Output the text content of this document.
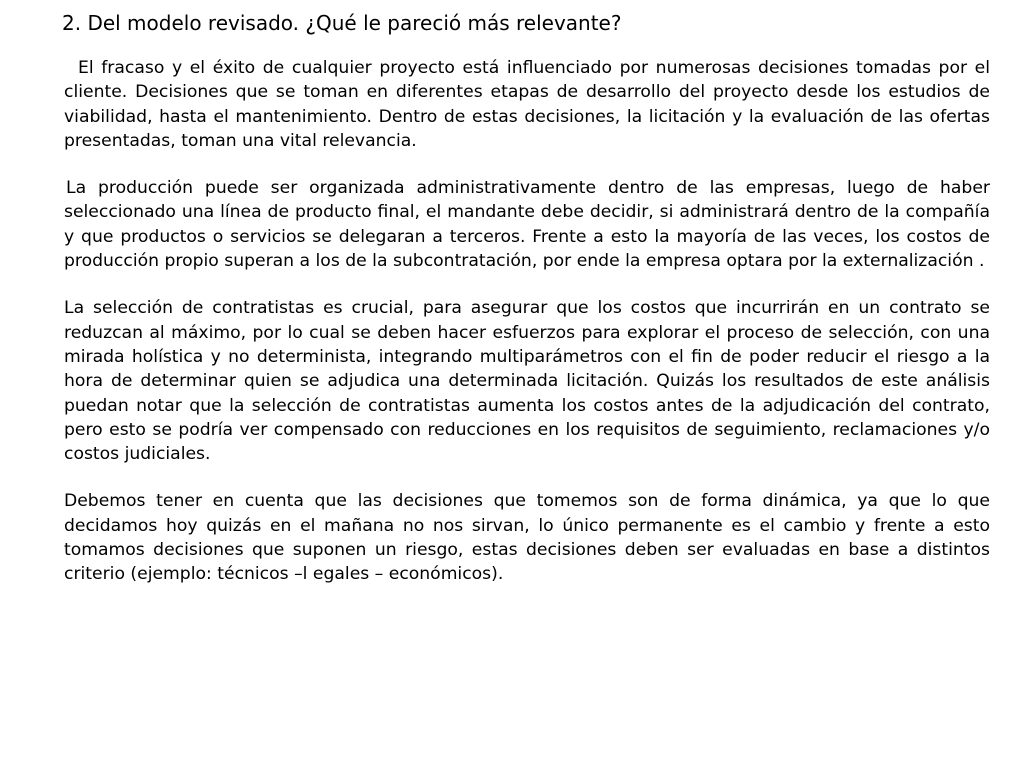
2. Del modelo revisado. ¿Qué le pareció más relevante?

El fracaso y el éxito de cualquier proyecto está influenciado por numerosas decisiones tomadas por el cliente. Decisiones que se toman en diferentes etapas de desarrollo del proyecto desde los estudios de viabilidad, hasta el mantenimiento. Dentro de estas decisiones, la licitación y la evaluación de las ofertas presentadas, toman una vital relevancia.

La producción puede ser organizada administrativamente dentro de las empresas, luego de haber seleccionado una línea de producto final, el mandante debe decidir, si administrará dentro de la compañía y que productos o servicios se delegaran a terceros. Frente a esto la mayoría de las veces, los costos de producción propio superan a los de la subcontratación, por ende la empresa optara por la externalización .

La selección de contratistas es crucial, para asegurar que los costos que incurrirán en un contrato se reduzcan al máximo, por lo cual se deben hacer esfuerzos para explorar el proceso de selección, con una mirada holística y no determinista, integrando multiparámetros con el fin de poder reducir el riesgo a la hora de determinar quien se adjudica una determinada licitación. Quizás los resultados de este análisis puedan notar que la selección de contratistas aumenta los costos antes de la adjudicación del contrato, pero esto se podría ver compensado con reducciones en los requisitos de seguimiento, reclamaciones y/o costos judiciales.

Debemos tener en cuenta que las decisiones que tomemos son de forma dinámica, ya que lo que decidamos hoy quizás en el mañana no nos sirvan, lo único permanente es el cambio y frente a esto tomamos decisiones que suponen un riesgo, estas decisiones deben ser evaluadas en base a distintos criterio (ejemplo: técnicos –l egales – económicos).
